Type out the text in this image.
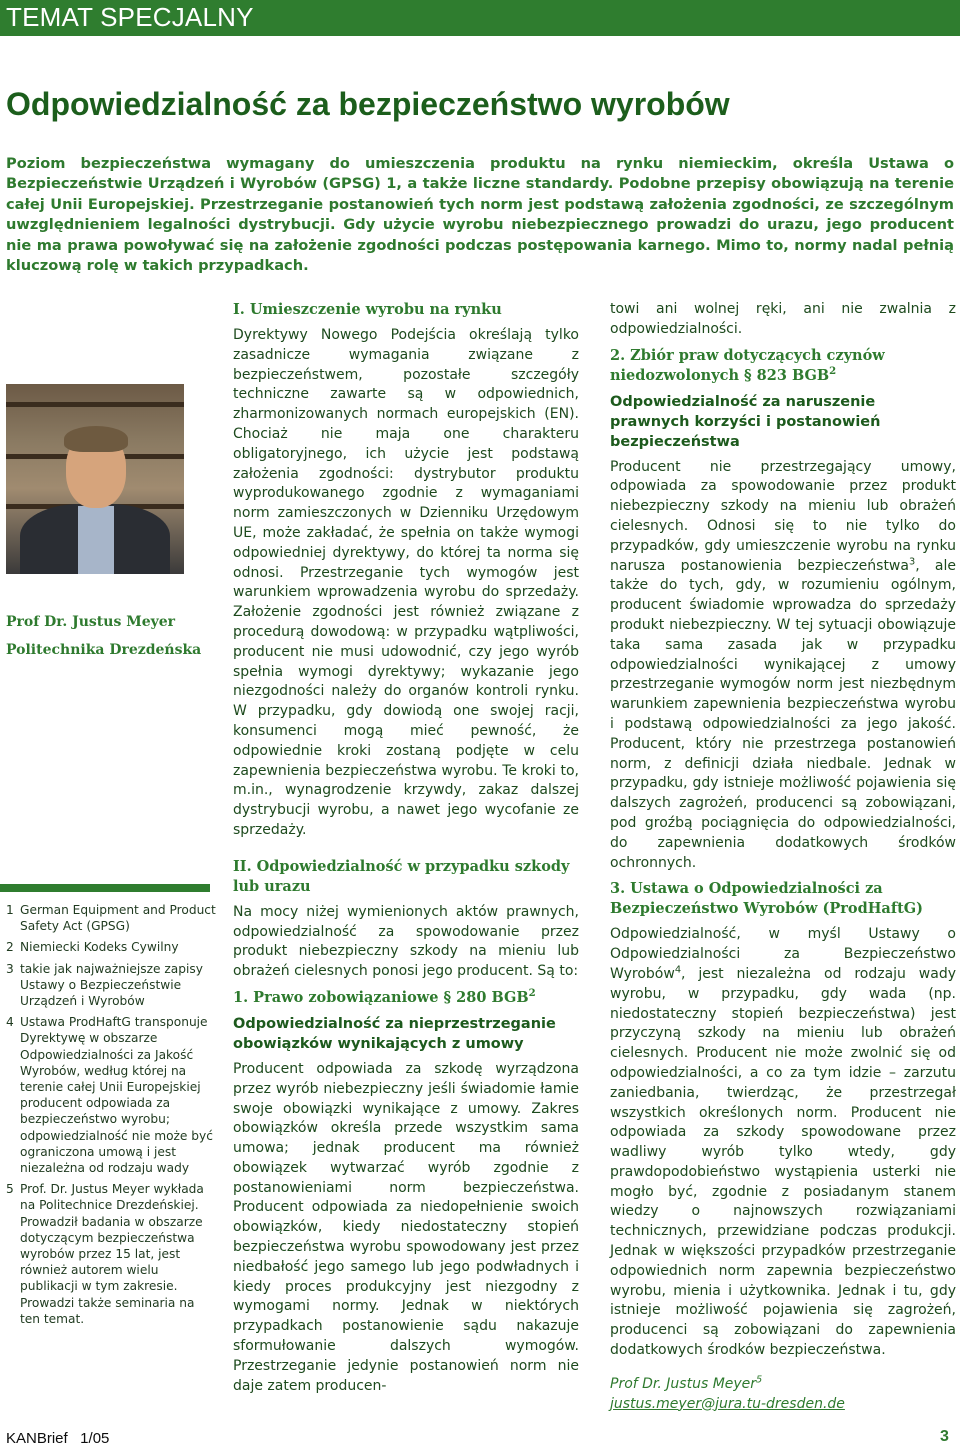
TEMAT SPECJALNY
Odpowiedzialność za bezpieczeństwo wyrobów

Poziom bezpieczeństwa wymagany do umieszczenia produktu na rynku niemieckim, określa Ustawa o Bezpieczeństwie Urządzeń i Wyrobów (GPSG) 1, a także liczne standardy. Podobne przepisy obowiązują na terenie całej Unii Europejskiej. Przestrzeganie postanowień tych norm jest podstawą założenia zgodności, ze szczególnym uwzględnieniem legalności dystrybucji. Gdy użycie wyrobu niebezpiecznego prowadzi do urazu, jego producent nie ma prawa powoływać się na założenie zgodności podczas postępowania karnego. Mimo to, normy nadal pełnią kluczową rolę w takich przypadkach.

Prof Dr. Justus Meyer
Politechnika Drezdeńska
1 German Equipment and Product Safety Act (GPSG)
2 Niemiecki Kodeks Cywilny
3 takie jak najważniejsze zapisy Ustawy o Bezpieczeństwie Urządzeń i Wyrobów
4 Ustawa ProdHaftG transponuje Dyrektywę w obszarze Odpowiedzialności za Jakość Wyrobów, według której na terenie całej Unii Europejskiej producent odpowiada za bezpieczeństwo wyrobu; odpowiedzialność nie może być ograniczona umową i jest niezależna od rodzaju wady
5 Prof. Dr. Justus Meyer wykłada na Politechnice Drezdeńskiej. Prowadził badania w obszarze dotyczącym bezpieczeństwa wyrobów przez 15 lat, jest również autorem wielu publikacji w tym zakresie. Prowadzi także seminaria na ten temat.
I. Umieszczenie wyrobu na rynku

Dyrektywy Nowego Podejścia określają tylko zasadnicze wymagania związane z bezpieczeństwem, pozostałe szczegóły techniczne zawarte są w odpowiednich, zharmonizowanych normach europejskich (EN). Chociaż nie maja one charakteru obligatoryjnego, ich użycie jest podstawą założenia zgodności: dystrybutor produktu wyprodukowanego zgodnie z wymaganiami norm zamieszczonych w Dzienniku Urzędowym UE, może zakładać, że spełnia on także wymogi odpowiedniej dyrektywy, do której ta norma się odnosi. Przestrzeganie tych wymogów jest warunkiem wprowadzenia wyrobu do sprzedaży. Założenie zgodności jest również związane z procedurą dowodową: w przypadku wątpliwości, producent nie musi udowodnić, czy jego wyrób spełnia wymogi dyrektywy; wykazanie jego niezgodności należy do organów kontroli rynku. W przypadku, gdy dowiodą one swojej racji, konsumenci mogą mieć pewność, że odpowiednie kroki zostaną podjęte w celu zapewnienia bezpieczeństwa wyrobu. Te kroki to, m.in., wynagrodzenie krzywdy, zakaz dalszej dystrybucji wyrobu, a nawet jego wycofanie ze sprzedaży.

II. Odpowiedzialność w przypadku szkody lub urazu

Na mocy niżej wymienionych aktów prawnych, odpowiedzialność za spowodowanie przez produkt niebezpieczny szkody na mieniu lub obrażeń cielesnych ponosi jego producent. Są to:

1. Prawo zobowiązaniowe § 280 BGB$^2$
Odpowiedzialność za nieprzestrzeganie obowiązków wynikających z umowy

Producent odpowiada za szkodę wyrządzona przez wyrób niebezpieczny jeśli świadomie łamie swoje obowiązki wynikające z umowy. Zakres obowiązków określa przede wszystkim sama umowa; jednak producent ma również obowiązek wytwarzać wyrób zgodnie z postanowieniami norm bezpieczeństwa. Producent odpowiada za niedopełnienie swoich obowiązków, kiedy niedostateczny stopień bezpieczeństwa wyrobu spowodowany jest przez niedbałość jego samego lub jego podwładnych i kiedy proces produkcyjny jest niezgodny z wymogami normy. Jednak w niektórych przypadkach postanowienie sądu nakazuje sformułowanie dalszych wymogów. Przestrzeganie jedynie postanowień norm nie daje zatem producen-

towi ani wolnej ręki, ani nie zwalnia z odpowiedzialności.

2. Zbiór praw dotyczących czynów niedozwolonych § 823 BGB$^2$
Odpowiedzialność za naruszenie prawnych korzyści i postanowień bezpieczeństwa

Producent nie przestrzegający umowy, odpowiada za spowodowanie przez produkt niebezpieczny szkody na mieniu lub obrażeń cielesnych. Odnosi się to nie tylko do przypadków, gdy umieszczenie wyrobu na rynku narusza postanowienia bezpieczeństwa$^3$, ale także do tych, gdy, w rozumieniu ogólnym, producent świadomie wprowadza do sprzedaży produkt niebezpieczny. W tej sytuacji obowiązuje taka sama zasada jak w przypadku odpowiedzialności wynikającej z umowy przestrzeganie wymogów norm jest niezbędnym warunkiem zapewnienia bezpieczeństwa wyrobu i podstawą odpowiedzialności za jego jakość. Producent, który nie przestrzega postanowień norm, z definicji działa niedbale. Jednak w przypadku, gdy istnieje możliwość pojawienia się dalszych zagrożeń, producenci są zobowiązani, pod groźbą pociągnięcia do odpowiedzialności, do zapewnienia dodatkowych środków ochronnych.

3. Ustawa o Odpowiedzialności za Bezpieczeństwo Wyrobów (ProdHaftG)

Odpowiedzialność, w myśl Ustawy o Odpowiedzialności za Bezpieczeństwo Wyrobów$^4$, jest niezależna od rodzaju wady wyrobu, w przypadku, gdy wada (np. niedostateczny stopień bezpieczeństwa) jest przyczyną szkody na mieniu lub obrażeń cielesnych. Producent nie może zwolnić się od odpowiedzialności, a co za tym idzie – zarzutu zaniedbania, twierdząc, że przestrzegał wszystkich określonych norm. Producent nie odpowiada za szkody spowodowane przez wadliwy wyrób tylko wtedy, gdy prawdopodobieństwo wystąpienia usterki nie mogło być, zgodnie z posiadanym stanem wiedzy o najnowszych rozwiązaniami technicznych, przewidziane podczas produkcji. Jednak w większości przypadków przestrzeganie odpowiednich norm zapewnia bezpieczeństwo wyrobu, mienia i użytkownika. Jednak i tu, gdy istnieje możliwość pojawienia się zagrożeń, producenci są zobowiązani do zapewnienia dodatkowych środków bezpieczeństwa.

Prof Dr. Justus Meyer$^5$
justus.meyer@jura.tu-dresden.de
KANBrief   1/05	3
